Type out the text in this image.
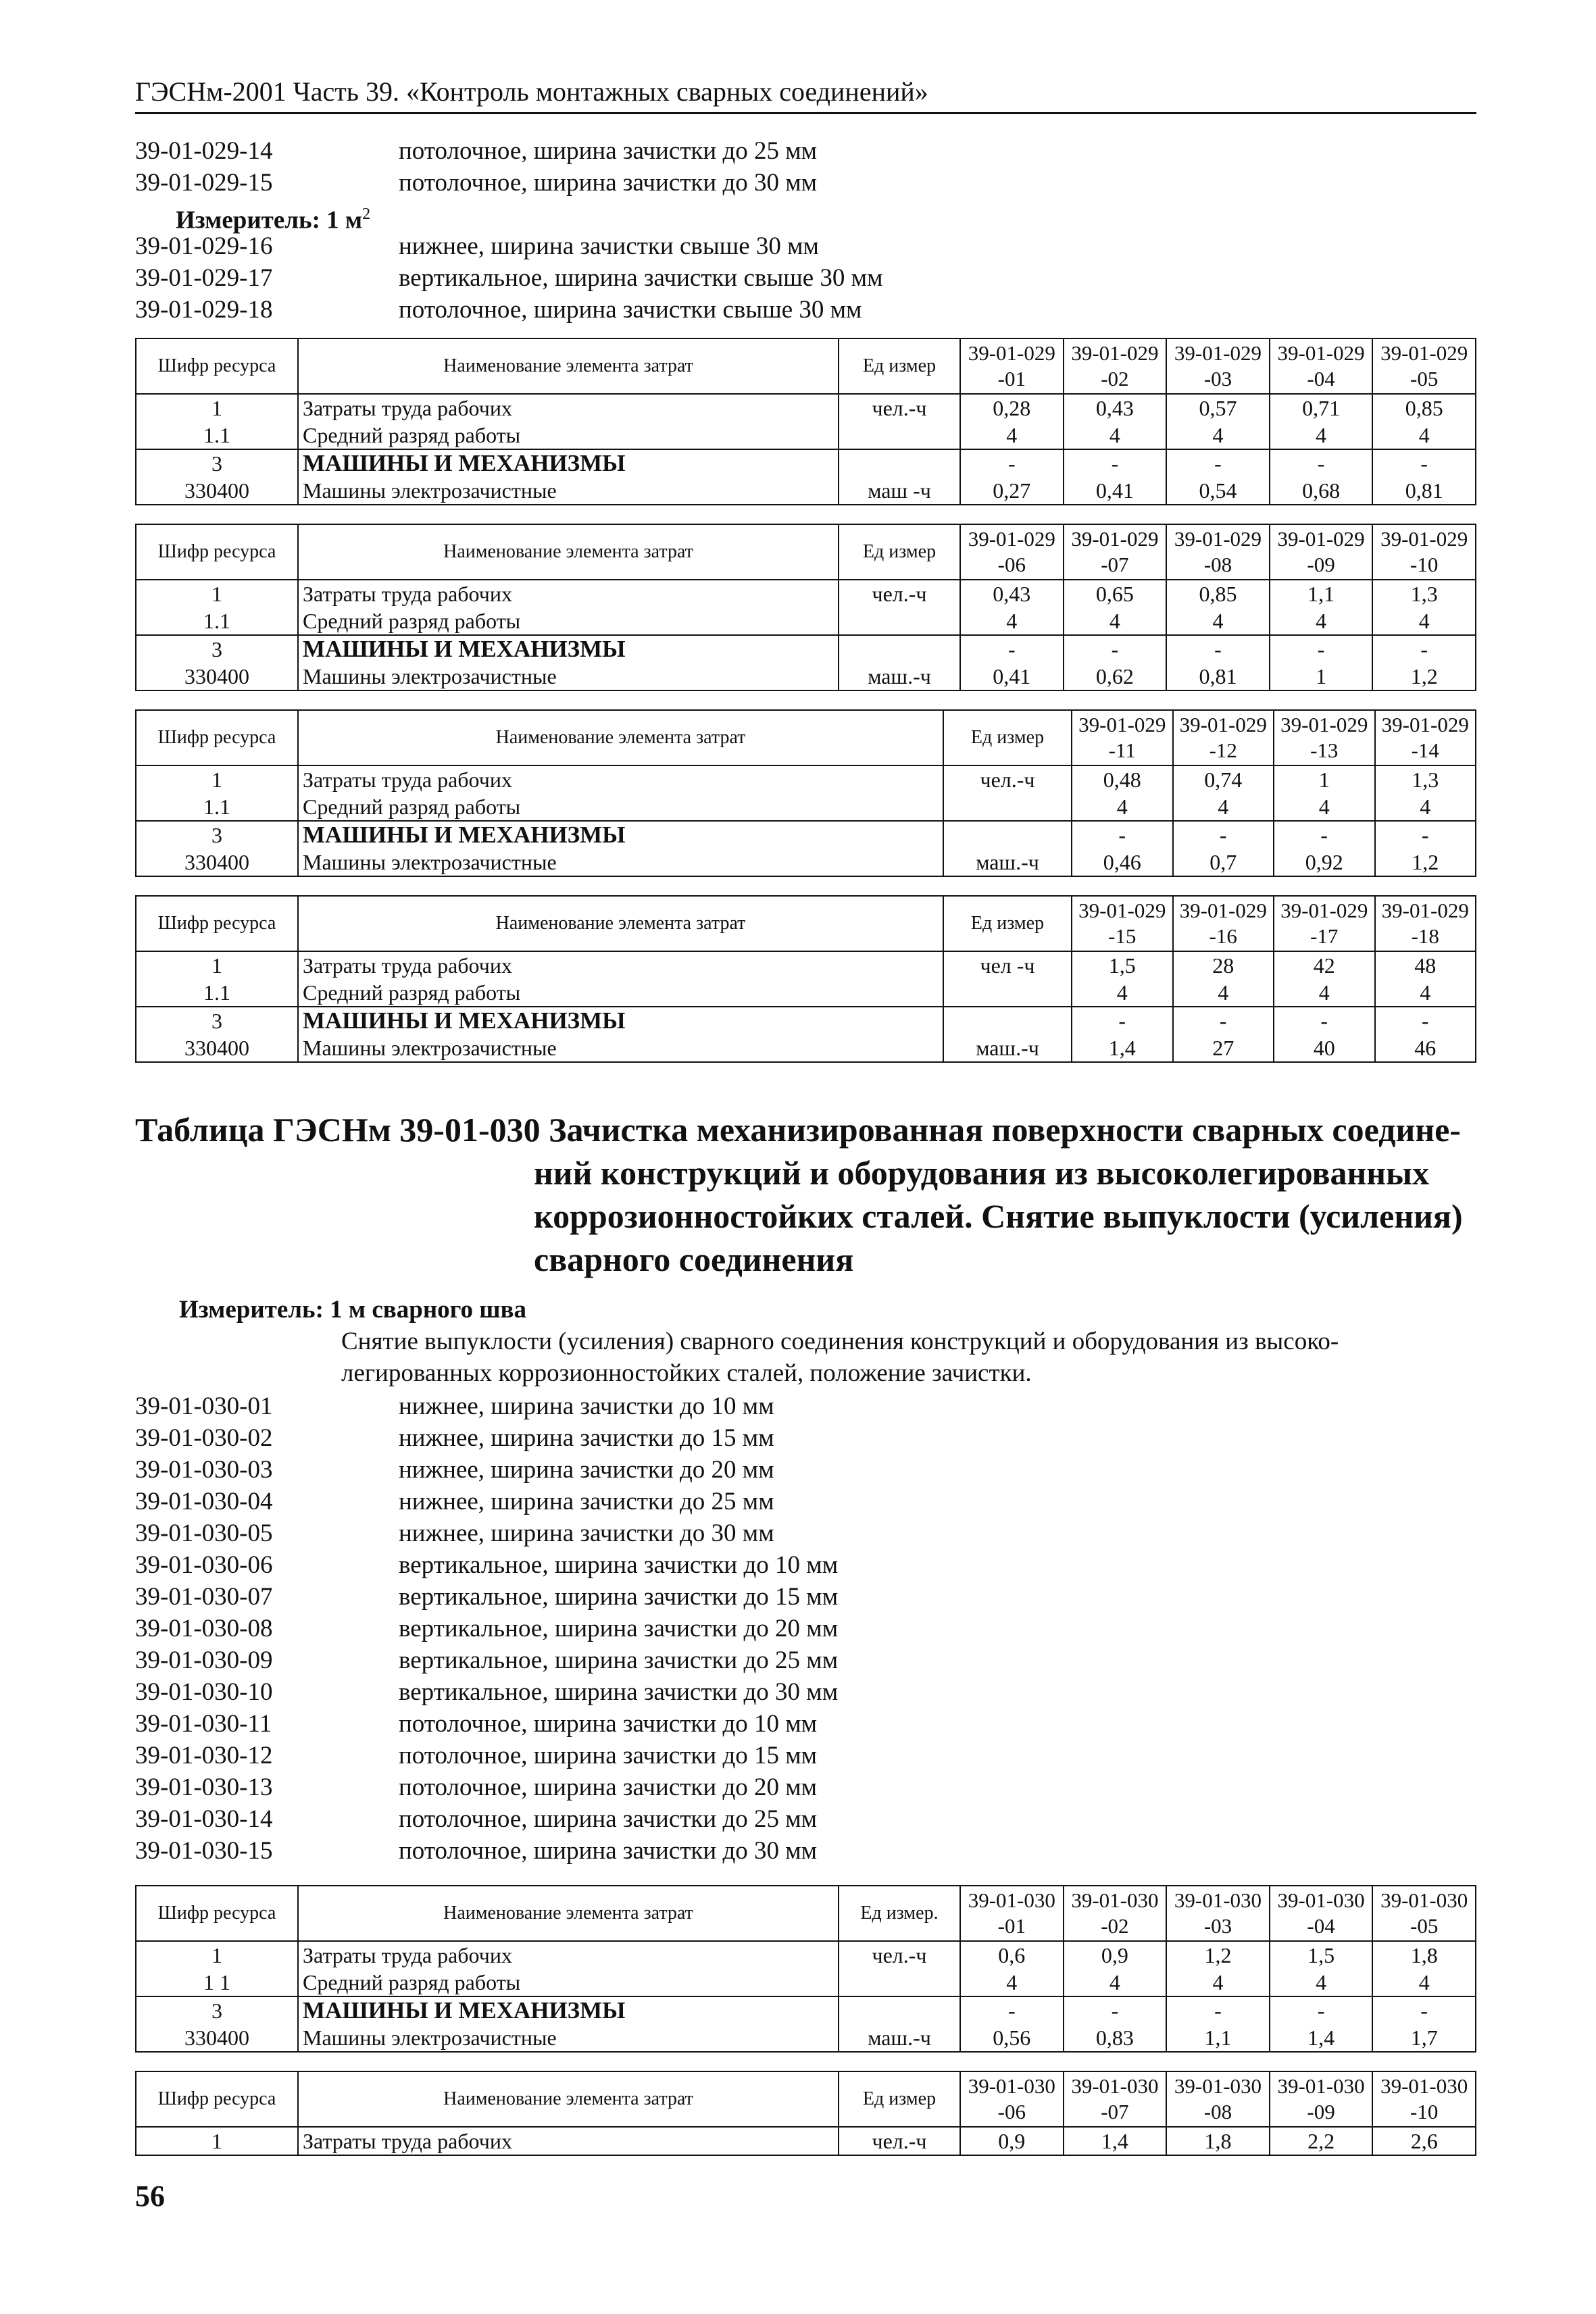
ГЭСНм-2001 Часть 39. «Контроль монтажных сварных соединений»
39-01-029-14	потолочное, ширина зачистки до 25 мм
39-01-029-15	потолочное, ширина зачистки до 30 мм
Измеритель: 1 $м^2$
39-01-029-16	нижнее, ширина зачистки свыше 30 мм
39-01-029-17	вертикальное, ширина зачистки свыше 30 мм
39-01-029-18	потолочное, ширина зачистки свыше 30 мм
Шифр ресурса	Наименование элемента затрат	Ед измер	39-01-029-01	39-01-029-02	39-01-029-03	39-01-029-04	39-01-029-05
1	Затраты труда рабочих	чел.-ч	0,28	0,43	0,57	0,71	0,85
1.1	Средний разряд работы		4	4	4	4	4
3	МАШИНЫ И МЕХАНИЗМЫ		-	-	-	-	-
330400	Машины электрозачистные	маш -ч	0,27	0,41	0,54	0,68	0,81
Шифр ресурса	Наименование элемента затрат	Ед измер	39-01-029-06	39-01-029-07	39-01-029-08	39-01-029-09	39-01-029-10
1	Затраты труда рабочих	чел.-ч	0,43	0,65	0,85	1,1	1,3
1.1	Средний разряд работы		4	4	4	4	4
3	МАШИНЫ И МЕХАНИЗМЫ		-	-	-	-	-
330400	Машины электрозачистные	маш.-ч	0,41	0,62	0,81	1	1,2
Шифр ресурса	Наименование элемента затрат	Ед измер	39-01-029-11	39-01-029-12	39-01-029-13	39-01-029-14
1	Затраты труда рабочих	чел.-ч	0,48	0,74	1	1,3
1.1	Средний разряд работы		4	4	4	4
3	МАШИНЫ И МЕХАНИЗМЫ		-	-	-	-
330400	Машины электрозачистные	маш.-ч	0,46	0,7	0,92	1,2
Шифр ресурса	Наименование элемента затрат	Ед измер	39-01-029-15	39-01-029-16	39-01-029-17	39-01-029-18
1	Затраты труда рабочих	чел -ч	1,5	28	42	48
1.1	Средний разряд работы		4	4	4	4
3	МАШИНЫ И МЕХАНИЗМЫ		-	-	-	-
330400	Машины электрозачистные	маш.-ч	1,4	27	40	46
Таблица ГЭСНм 39-01-030 Зачистка механизированная поверхности сварных соедине-
ний конструкций и оборудования из высоколегированных
коррозионностойких сталей. Снятие выпуклости (усиления)
сварного соединения
Измеритель: 1 м сварного шва
Снятие выпуклости (усиления) сварного соединения конструкций и оборудования из высоко-
легированных коррозионностойких сталей, положение зачистки.
39-01-030-01	нижнее, ширина зачистки до 10 мм
39-01-030-02	нижнее, ширина зачистки до 15 мм
39-01-030-03	нижнее, ширина зачистки до 20 мм
39-01-030-04	нижнее, ширина зачистки до 25 мм
39-01-030-05	нижнее, ширина зачистки до 30 мм
39-01-030-06	вертикальное, ширина зачистки до 10 мм
39-01-030-07	вертикальное, ширина зачистки до 15 мм
39-01-030-08	вертикальное, ширина зачистки до 20 мм
39-01-030-09	вертикальное, ширина зачистки до 25 мм
39-01-030-10	вертикальное, ширина зачистки до 30 мм
39-01-030-11	потолочное, ширина зачистки до 10 мм
39-01-030-12	потолочное, ширина зачистки до 15 мм
39-01-030-13	потолочное, ширина зачистки до 20 мм
39-01-030-14	потолочное, ширина зачистки до 25 мм
39-01-030-15	потолочное, ширина зачистки до 30 мм
Шифр ресурса	Наименование элемента затрат	Ед измер.	39-01-030-01	39-01-030-02	39-01-030-03	39-01-030-04	39-01-030-05
1	Затраты труда рабочих	чел.-ч	0,6	0,9	1,2	1,5	1,8
1 1	Средний разряд работы		4	4	4	4	4
3	МАШИНЫ И МЕХАНИЗМЫ		-	-	-	-	-
330400	Машины электрозачистные	маш.-ч	0,56	0,83	1,1	1,4	1,7
Шифр ресурса	Наименование элемента затрат	Ед измер	39-01-030-06	39-01-030-07	39-01-030-08	39-01-030-09	39-01-030-10
1	Затраты труда рабочих	чел.-ч	0,9	1,4	1,8	2,2	2,6
56
